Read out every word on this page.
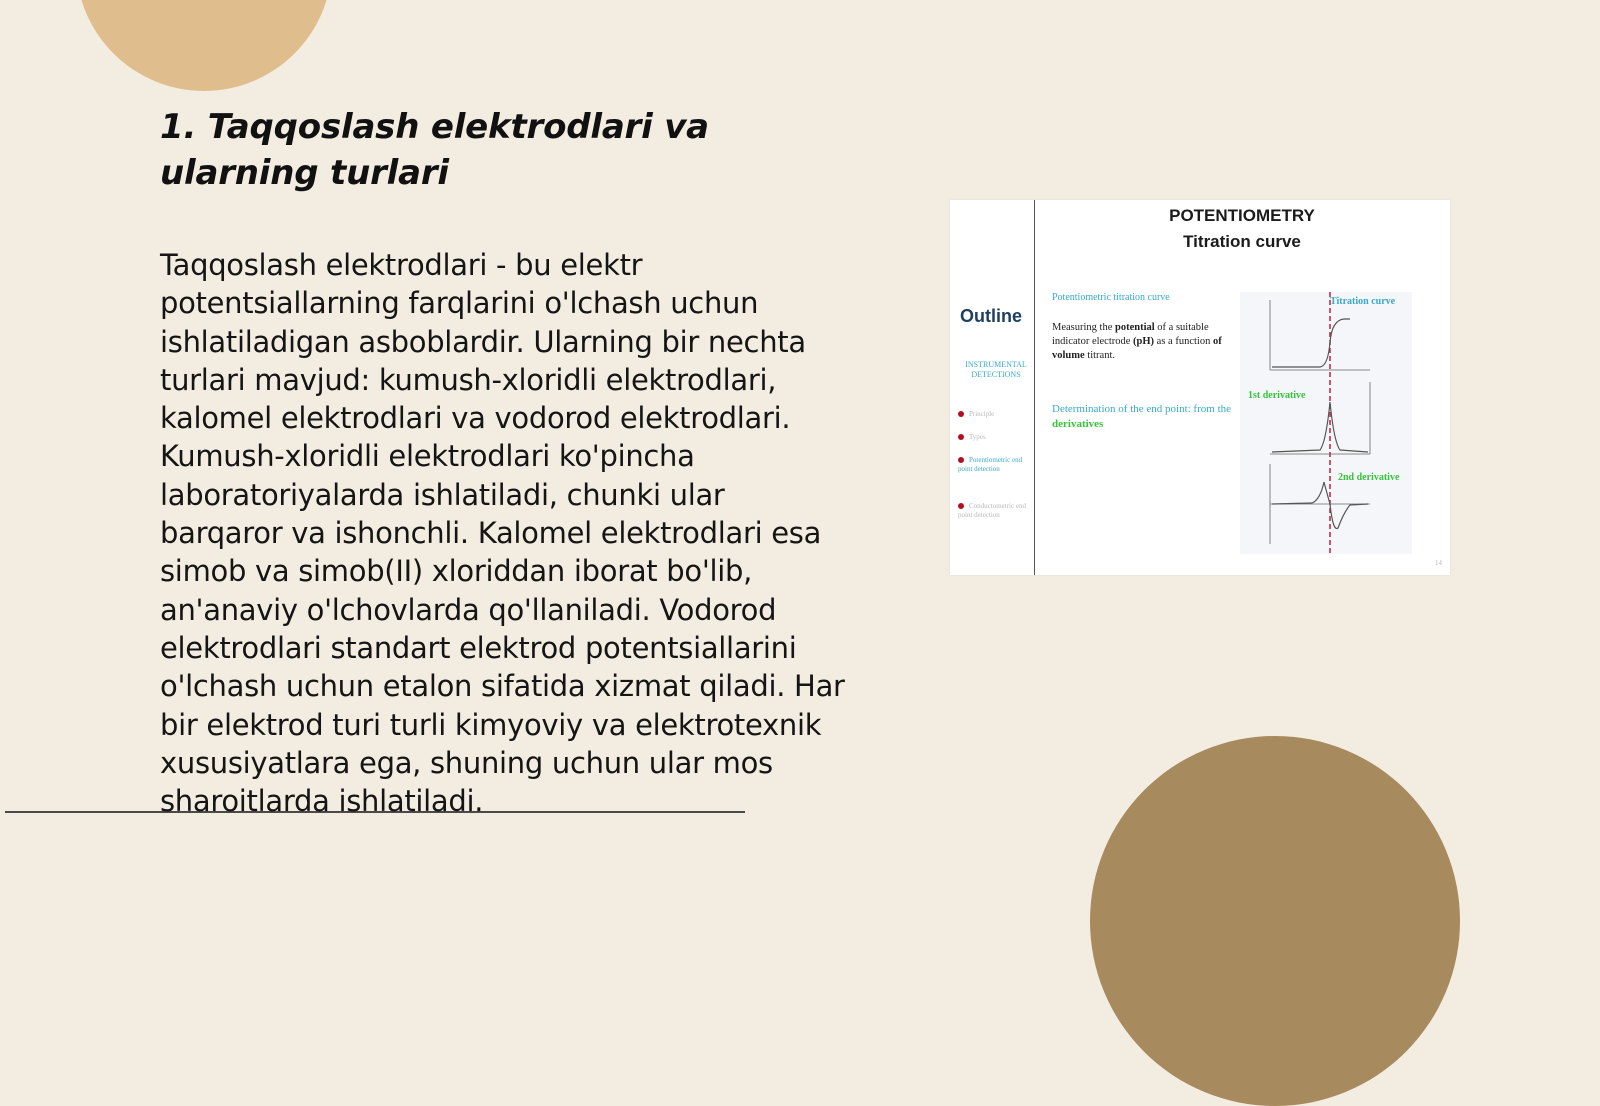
1. Taqqoslash elektrodlari va ularning turlari

Taqqoslash elektrodlari - bu elektr potentsiallarning farqlarini o'lchash uchun ishlatiladigan asboblardir. Ularning bir nechta turlari mavjud: kumush-xloridli elektrodlari, kalomel elektrodlari va vodorod elektrodlari. Kumush-xloridli elektrodlari ko'pincha laboratoriyalarda ishlatiladi, chunki ular barqaror va ishonchli. Kalomel elektrodlari esa simob va simob(II) xloriddan iborat bo'lib, an'anaviy o'lchovlarda qo'llaniladi. Vodorod elektrodlari standart elektrod potentsiallarini o'lchash uchun etalon sifatida xizmat qiladi. Har bir elektrod turi turli kimyoviy va elektrotexnik xususiyatlara ega, shuning uchun ular mos sharoitlarda ishlatiladi.

POTENTIOMETRY
Titration curve
Outline
INSTRUMENTAL DETECTIONS
Principle
Types
Potentiometric end point detection
Conductometric end point detection
Potentiometric titration curve
Measuring the potential of a suitable indicator electrode (pH) as a function of volume titrant.
Determination of the end point: from the derivatives
Titration curve
1st derivative
2nd derivative
14
